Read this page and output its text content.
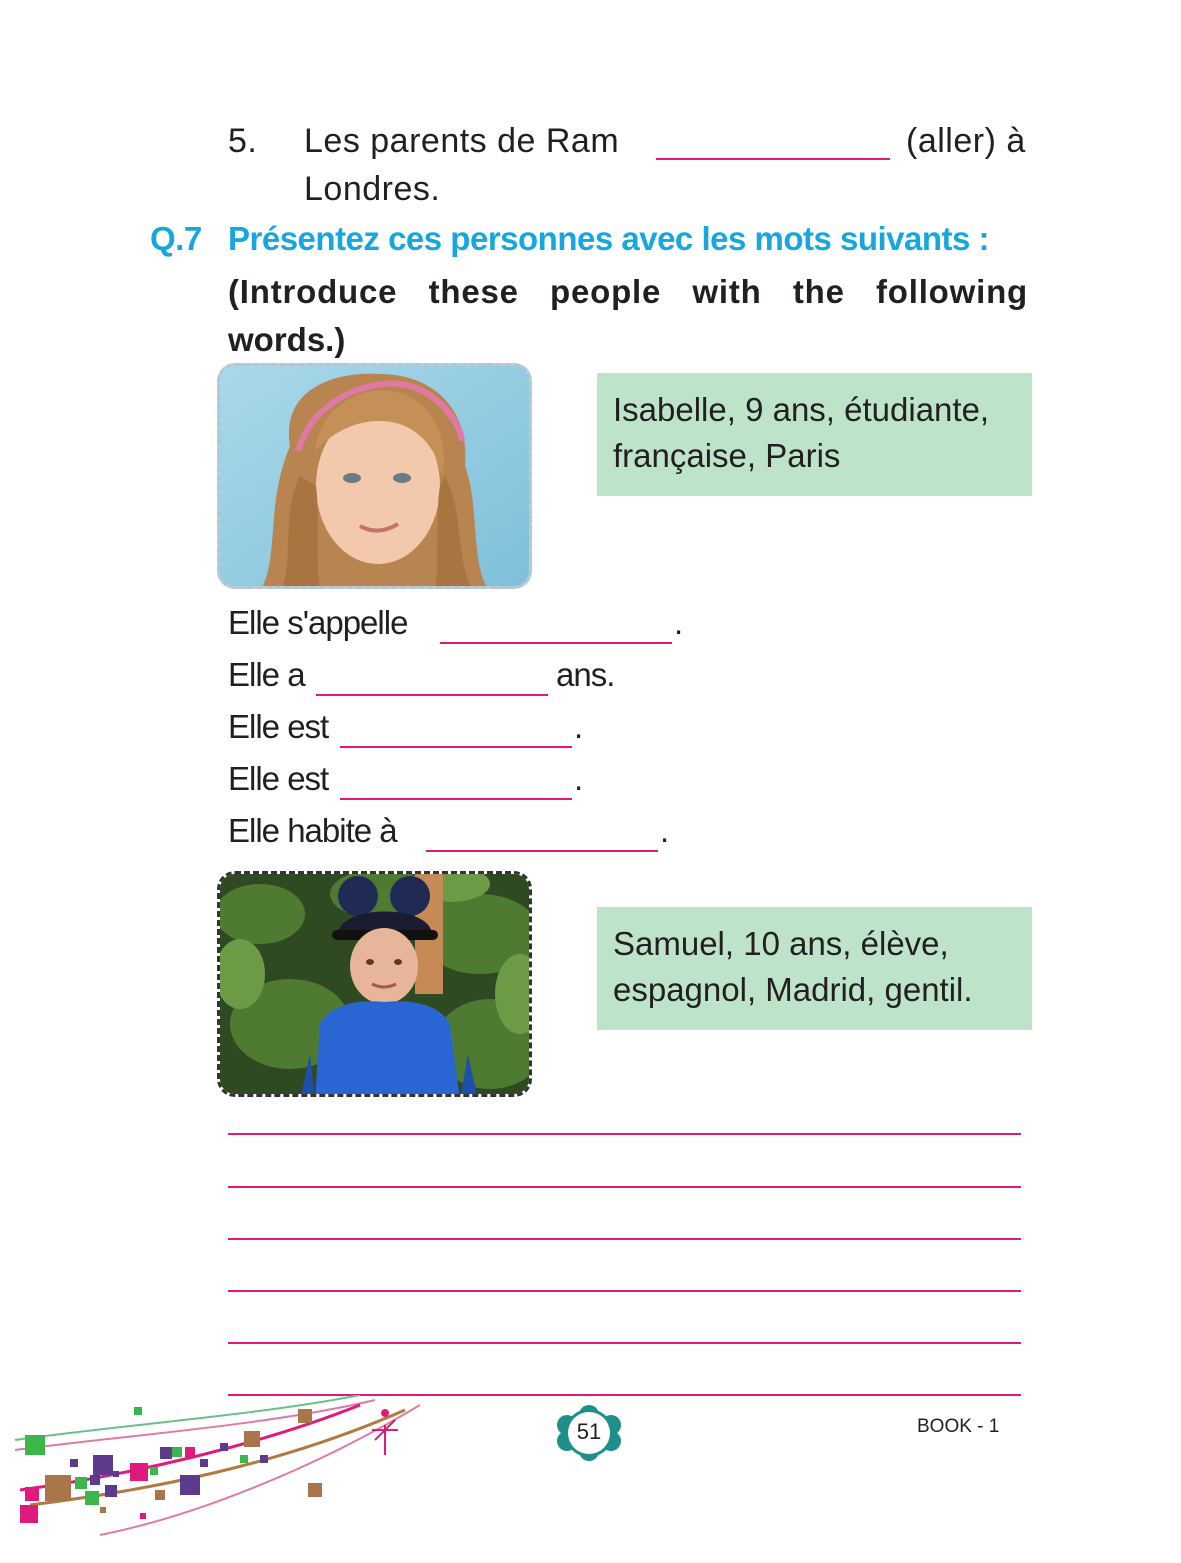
5. Les parents de Ram	(aller) à
Londres.
Q.7 Présentez ces personnes avec les mots suivants :
(Introduce these people with the following
words.)
Isabelle, 9 ans, étudiante,
française, Paris
Elle s'appelle	.
Elle a	ans.
Elle est	.
Elle est	.
Elle habite à	.
Samuel, 10 ans, élève,
espagnol, Madrid, gentil.
51	BOOK - 1
